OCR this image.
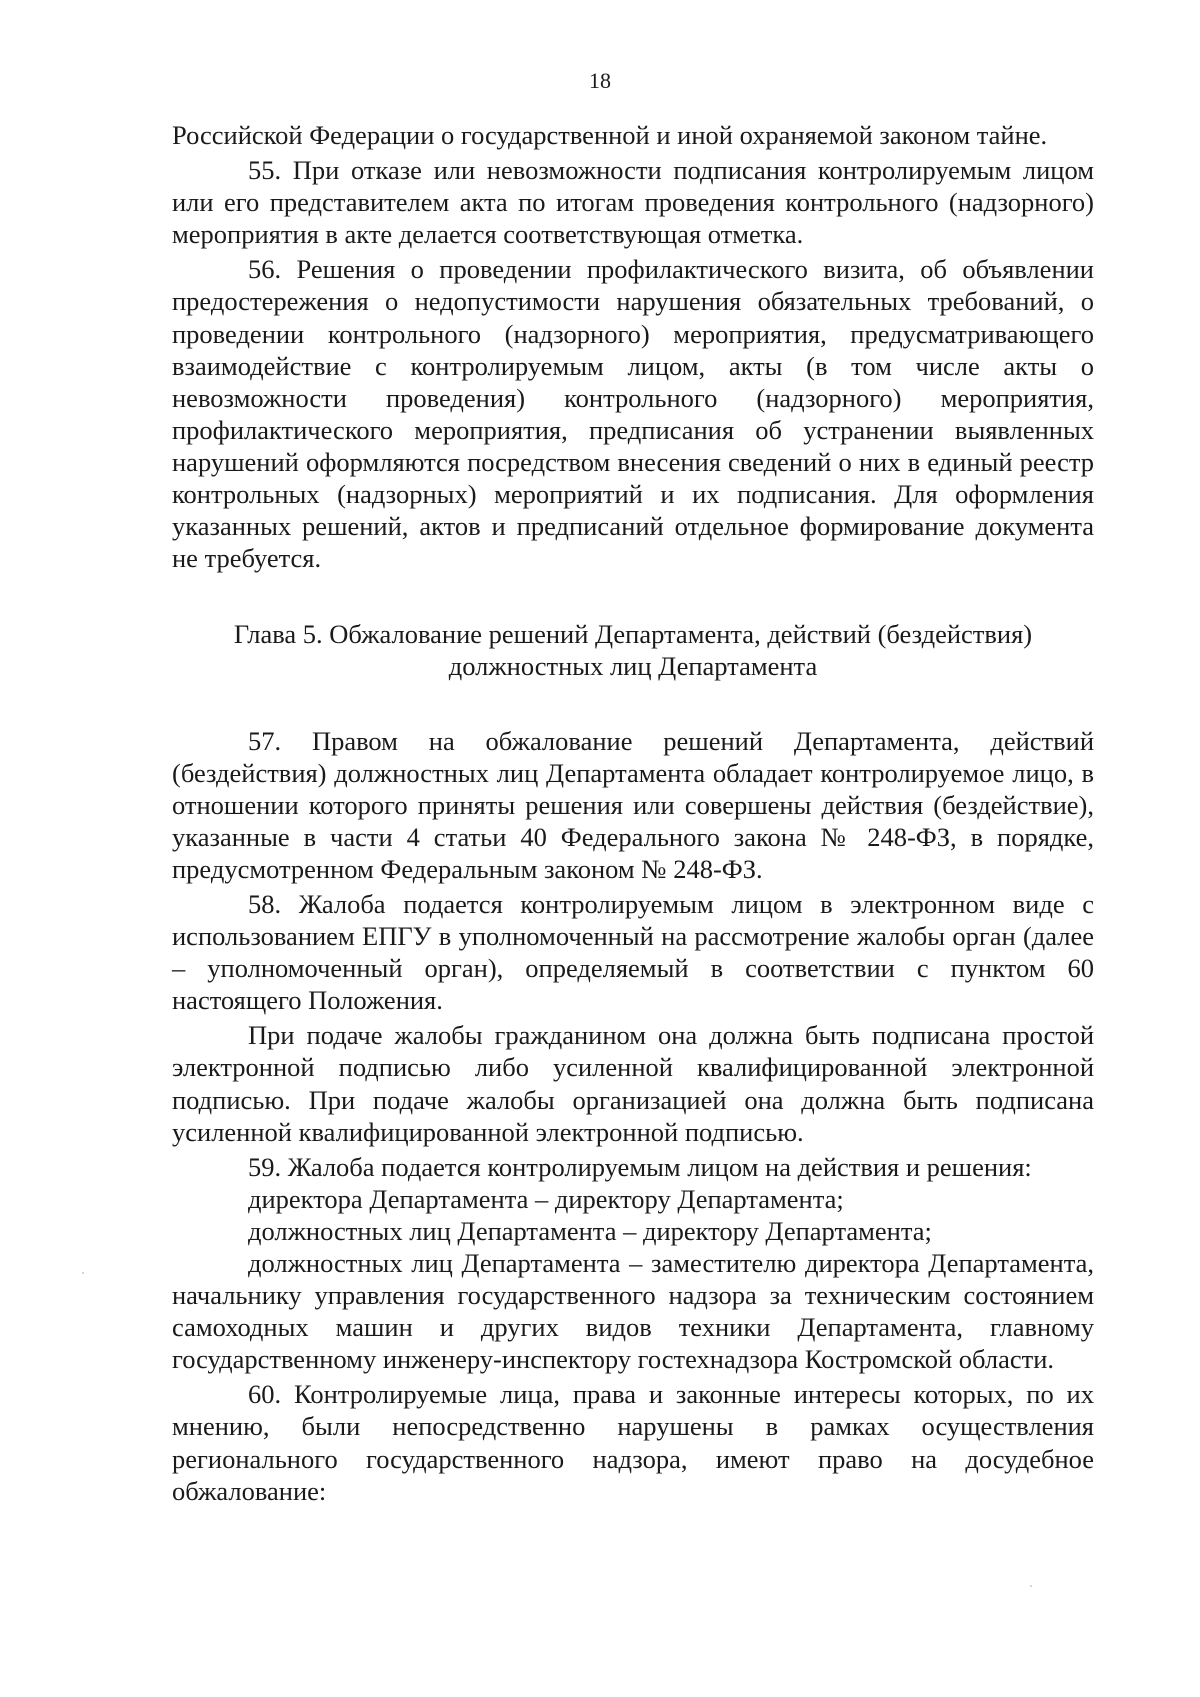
18

Российской Федерации о государственной и иной охраняемой законом тайне.

55. При отказе или невозможности подписания контролируемым лицом или его представителем акта по итогам проведения контрольного (надзорного) мероприятия в акте делается соответствующая отметка.

56. Решения о проведении профилактического визита, об объявлении предостережения о недопустимости нарушения обязательных требований, о проведении контрольного (надзорного) мероприятия, предусматривающего взаимодействие с контролируемым лицом, акты (в том числе акты о невозможности проведения) контрольного (надзорного) мероприятия, профилактического мероприятия, предписания об устранении выявленных нарушений оформляются посредством внесения сведений о них в единый реестр контрольных (надзорных) мероприятий и их подписания. Для оформления указанных решений, актов и предписаний отдельное формирование документа не требуется.

Глава 5. Обжалование решений Департамента, действий (бездействия)
должностных лиц Департамента

57. Правом на обжалование решений Департамента, действий (бездействия) должностных лиц Департамента обладает контролируемое лицо, в отношении которого приняты решения или совершены действия (бездействие), указанные в части 4 статьи 40 Федерального закона № 248-ФЗ, в порядке, предусмотренном Федеральным законом № 248-ФЗ.

58. Жалоба подается контролируемым лицом в электронном виде с использованием ЕПГУ в уполномоченный на рассмотрение жалобы орган (далее – уполномоченный орган), определяемый в соответствии с пунктом 60 настоящего Положения.

При подаче жалобы гражданином она должна быть подписана простой электронной подписью либо усиленной квалифицированной электронной подписью. При подаче жалобы организацией она должна быть подписана усиленной квалифицированной электронной подписью.

59. Жалоба подается контролируемым лицом на действия и решения:

директора Департамента – директору Департамента;

должностных лиц Департамента – директору Департамента;

должностных лиц Департамента – заместителю директора Департамента, начальнику управления государственного надзора за техническим состоянием самоходных машин и других видов техники Департамента, главному государственному инженеру-инспектору гостехнадзора Костромской области.

60. Контролируемые лица, права и законные интересы которых, по их мнению, были непосредственно нарушены в рамках осуществления регионального государственного надзора, имеют право на досудебное обжалование:
